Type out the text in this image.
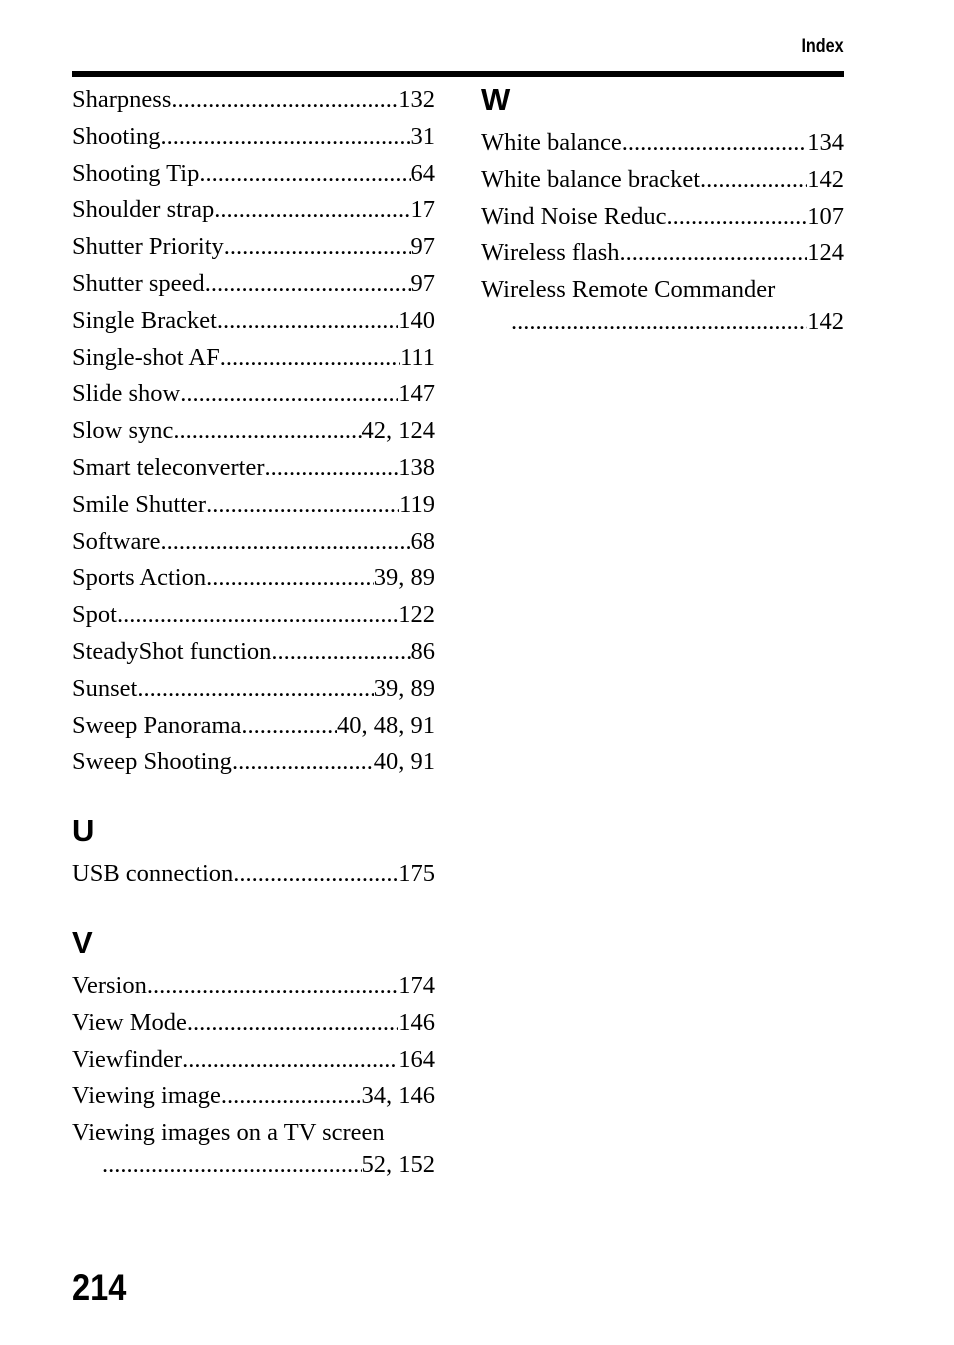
Index
Sharpness .....	132
Shooting .....	31
Shooting Tip .....	64
Shoulder strap .....	17
Shutter Priority .....	97
Shutter speed .....	97
Single Bracket .....	140
Single-shot AF .....	111
Slide show .....	147
Slow sync .....	42, 124
Smart teleconverter .....	138
Smile Shutter .....	119
Software .....	68
Sports Action .....	39, 89
Spot .....	122
SteadyShot function .....	86
Sunset .....	39, 89
Sweep Panorama .....	40, 48, 91
Sweep Shooting .....	40, 91
U
USB connection .....	175
V
Version .....	174
View Mode .....	146
Viewfinder .....	164
Viewing image .....	34, 146
Viewing images on a TV screen
.....
52, 152
W
White balance .....	134
White balance bracket .....	142
Wind Noise Reduc. .....	107
Wireless flash .....	124
Wireless Remote Commander
.....
142
214
